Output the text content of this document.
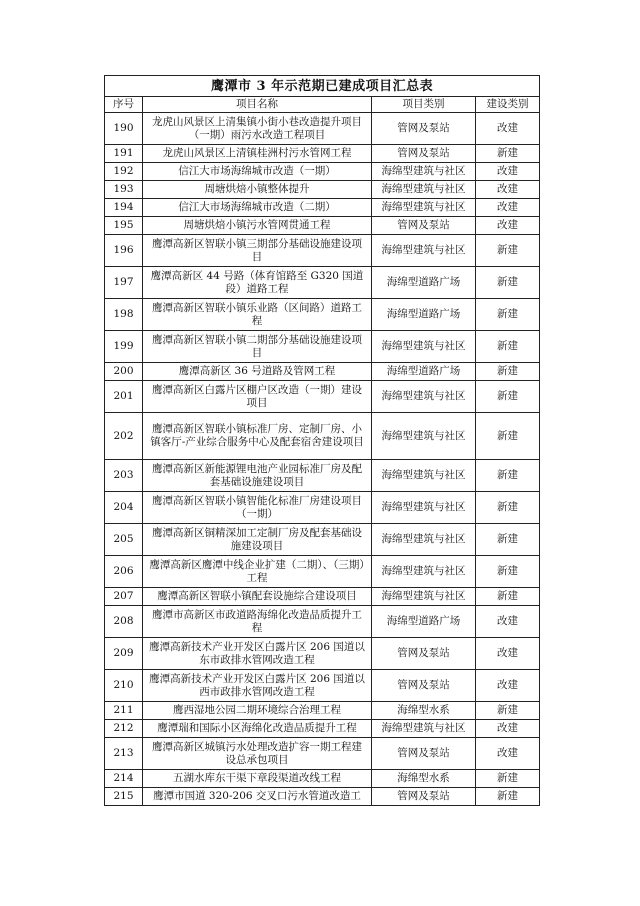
鹰潭市 3 年示范期已建成项目汇总表			
序号	项目名称	项目类别	建设类别
190	龙虎山风景区上清集镇小街小巷改造提升项目（一期）雨污水改造工程项目	管网及泵站	改建
191	龙虎山风景区上清镇桂洲村污水管网工程	管网及泵站	新建
192	信江大市场海绵城市改造（一期）	海绵型建筑与社区	改建
193	周塘烘焙小镇整体提升	海绵型建筑与社区	改建
194	信江大市场海绵城市改造（二期）	海绵型建筑与社区	改建
195	周塘烘焙小镇污水管网贯通工程	管网及泵站	改建
196	鹰潭高新区智联小镇三期部分基础设施建设项目	海绵型建筑与社区	新建
197	鹰潭高新区 44 号路（体育馆路至 G320 国道段）道路工程	海绵型道路广场	新建
198	鹰潭高新区智联小镇乐业路（区间路）道路工程	海绵型道路广场	新建
199	鹰潭高新区智联小镇二期部分基础设施建设项目	海绵型建筑与社区	新建
200	鹰潭高新区 36 号道路及管网工程	海绵型道路广场	新建
201	鹰潭高新区白露片区棚户区改造（一期）建设项目	海绵型建筑与社区	新建
202	鹰潭高新区智联小镇标准厂房、定制厂房、小镇客厅-产业综合服务中心及配套宿舍建设项目	海绵型建筑与社区	新建
203	鹰潭高新区新能源锂电池产业园标准厂房及配套基础设施建设项目	海绵型建筑与社区	新建
204	鹰潭高新区智联小镇智能化标准厂房建设项目（一期）	海绵型建筑与社区	新建
205	鹰潭高新区铜精深加工定制厂房及配套基础设施建设项目	海绵型建筑与社区	新建
206	鹰潭高新区鹰潭中线企业扩建（二期）、（三期）工程	海绵型建筑与社区	新建
207	鹰潭高新区智联小镇配套设施综合建设项目	海绵型建筑与社区	新建
208	鹰潭市高新区市政道路海绵化改造品质提升工程	海绵型道路广场	改建
209	鹰潭高新技术产业开发区白露片区 206 国道以东市政排水管网改造工程	管网及泵站	改建
210	鹰潭高新技术产业开发区白露片区 206 国道以西市政排水管网改造工程	管网及泵站	改建
211	鹰西湿地公园二期环境综合治理工程	海绵型水系	新建
212	鹰潭瑞和国际小区海绵化改造品质提升工程	海绵型建筑与社区	改建
213	鹰潭高新区城镇污水处理改造扩容一期工程建设总承包项目	管网及泵站	改建
214	五湖水库东干渠下章段渠道改线工程	海绵型水系	新建
215	鹰潭市国道 320-206 交叉口污水管道改造工	管网及泵站	新建
